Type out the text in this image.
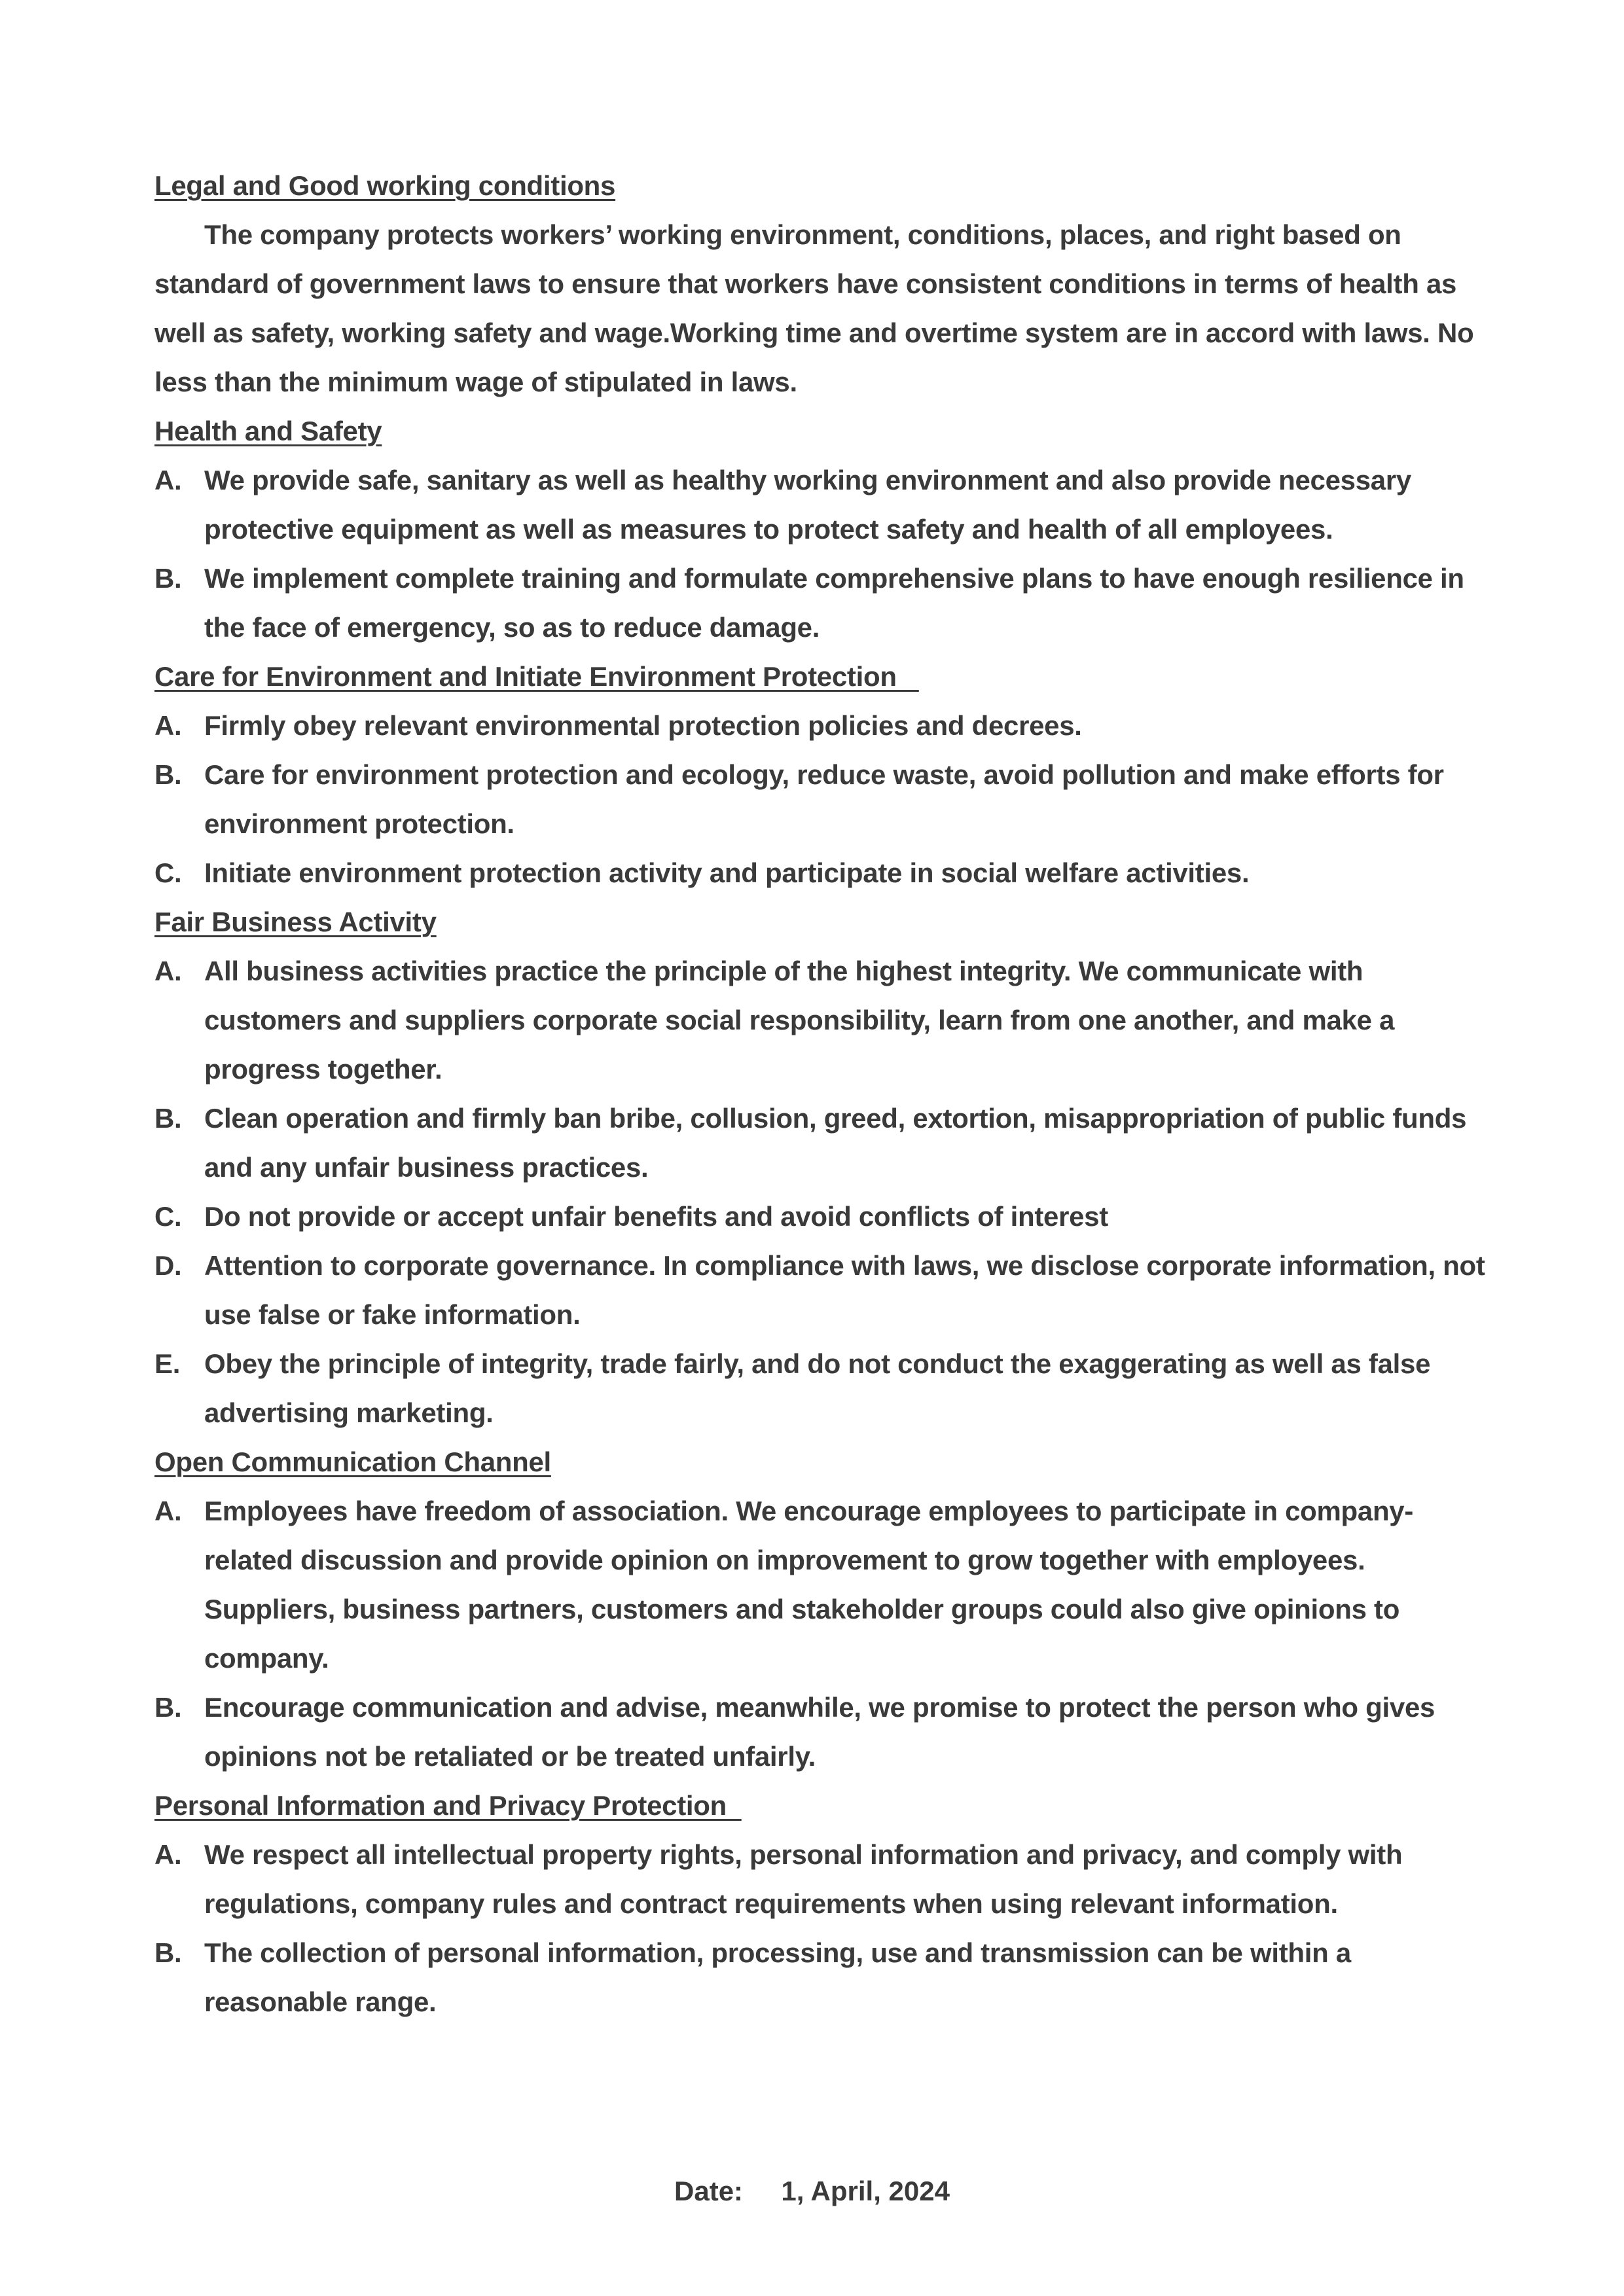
Legal and Good working conditions

The company protects workers’ working environment, conditions, places, and right based on standard of government laws to ensure that workers have consistent conditions in terms of health as well as safety, working safety and wage.Working time and overtime system are in accord with laws. No less than the minimum wage of stipulated in laws.

Health and Safety
A. We provide safe, sanitary as well as healthy working environment and also provide necessary protective equipment as well as measures to protect safety and health of all employees.
B. We implement complete training and formulate comprehensive plans to have enough resilience in the face of emergency, so as to reduce damage.
Care for Environment and Initiate Environment Protection
A. Firmly obey relevant environmental protection policies and decrees.
B. Care for environment protection and ecology, reduce waste, avoid pollution and make efforts for environment protection.
C. Initiate environment protection activity and participate in social welfare activities.
Fair Business Activity
A. All business activities practice the principle of the highest integrity. We communicate with customers and suppliers corporate social responsibility, learn from one another, and make a progress together.
B. Clean operation and firmly ban bribe, collusion, greed, extortion, misappropriation of public funds and any unfair business practices.
C. Do not provide or accept unfair benefits and avoid conflicts of interest
D. Attention to corporate governance. In compliance with laws, we disclose corporate information, not use false or fake information.
E. Obey the principle of integrity, trade fairly, and do not conduct the exaggerating as well as false advertising marketing.
Open Communication Channel
A. Employees have freedom of association. We encourage employees to participate in company-related discussion and provide opinion on improvement to grow together with employees. Suppliers, business partners, customers and stakeholder groups could also give opinions to company.
B. Encourage communication and advise, meanwhile, we promise to protect the person who gives opinions not be retaliated or be treated unfairly.
Personal Information and Privacy Protection
A. We respect all intellectual property rights, personal information and privacy, and comply with regulations, company rules and contract requirements when using relevant information.
B. The collection of personal information, processing, use and transmission can be within a reasonable range.
Date: 1, April, 2024
